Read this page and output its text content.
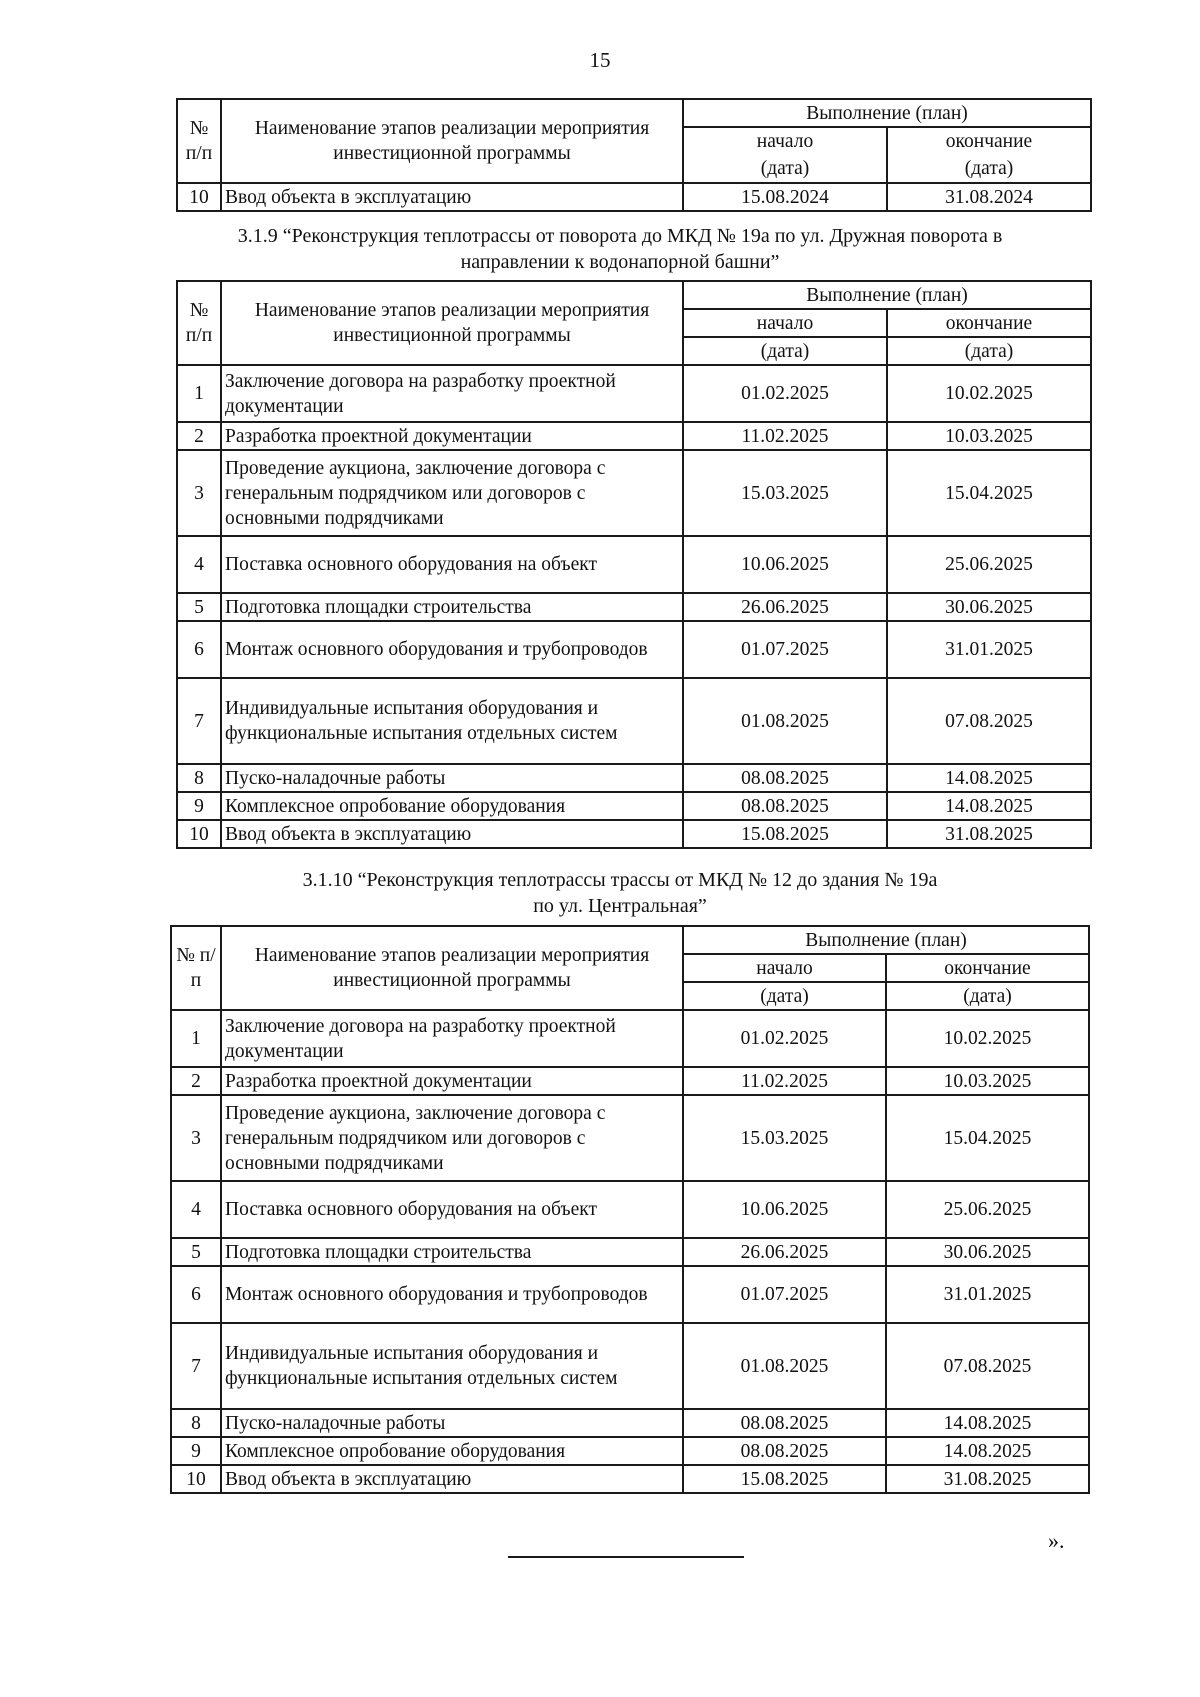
15
№ п/п	Наименование этапов реализации мероприятия инвестиционной программы	Выполнение (план)	
		начало	окончание
		(дата)	(дата)
10	Ввод объекта в эксплуатацию	15.08.2024	31.08.2024
3.1.9 “Реконструкция теплотрассы от поворота до МКД № 19а по ул. Дружная поворота в
направлении к водонапорной башни”
№ п/п	Наименование этапов реализации мероприятия инвестиционной программы	Выполнение (план)	
		начало	окончание
		(дата)	(дата)
1	Заключение договора на разработку проектной документации	01.02.2025	10.02.2025
2	Разработка проектной документации	11.02.2025	10.03.2025
3	Проведение аукциона, заключение договора с генеральным подрядчиком или договоров с основными подрядчиками	15.03.2025	15.04.2025
4	Поставка основного оборудования на объект	10.06.2025	25.06.2025
5	Подготовка площадки строительства	26.06.2025	30.06.2025
6	Монтаж основного оборудования и трубопроводов	01.07.2025	31.01.2025
7	Индивидуальные испытания оборудования и функциональные испытания отдельных систем	01.08.2025	07.08.2025
8	Пуско-наладочные работы	08.08.2025	14.08.2025
9	Комплексное опробование оборудования	08.08.2025	14.08.2025
10	Ввод объекта в эксплуатацию	15.08.2025	31.08.2025
3.1.10 “Реконструкция теплотрассы трассы от МКД № 12 до здания № 19а
по ул. Центральная”
№ п/п	Наименование этапов реализации мероприятия инвестиционной программы	Выполнение (план)	
		начало	окончание
		(дата)	(дата)
1	Заключение договора на разработку проектной документации	01.02.2025	10.02.2025
2	Разработка проектной документации	11.02.2025	10.03.2025
3	Проведение аукциона, заключение договора с генеральным подрядчиком или договоров с основными подрядчиками	15.03.2025	15.04.2025
4	Поставка основного оборудования на объект	10.06.2025	25.06.2025
5	Подготовка площадки строительства	26.06.2025	30.06.2025
6	Монтаж основного оборудования и трубопроводов	01.07.2025	31.01.2025
7	Индивидуальные испытания оборудования и функциональные испытания отдельных систем	01.08.2025	07.08.2025
8	Пуско-наладочные работы	08.08.2025	14.08.2025
9	Комплексное опробование оборудования	08.08.2025	14.08.2025
10	Ввод объекта в эксплуатацию	15.08.2025	31.08.2025
».
